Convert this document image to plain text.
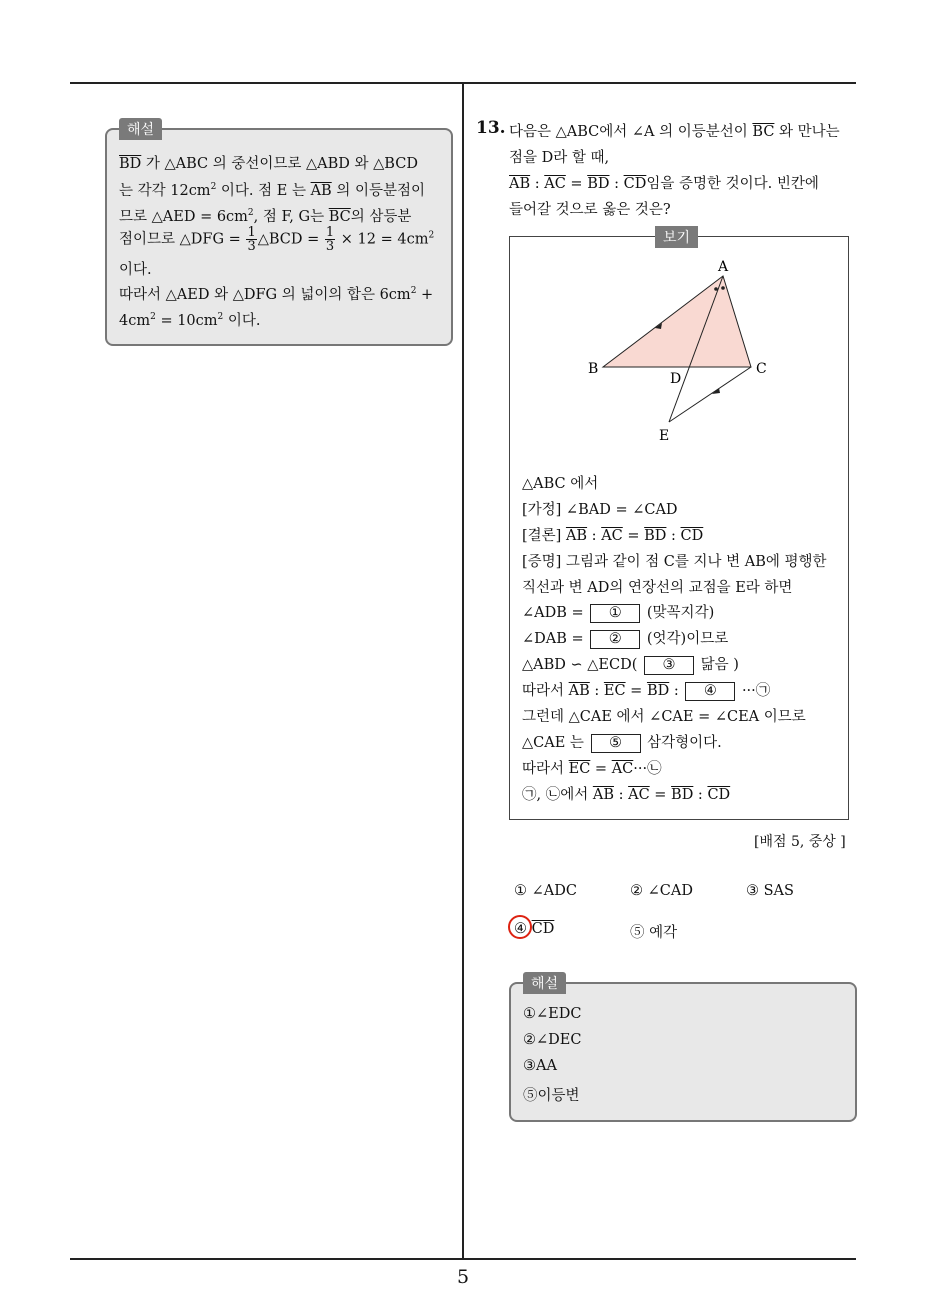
해설
$\overline{BD}$ 가 △ABC 의 중선이므로 △ABD 와 △BCD
는 각각 $12cm^2$ 이다. 점 E 는 $\overline{AB}$ 의 이등분점이
므로 △AED = $6cm^2$, 점 F, G는 $\overline{BC}$의 삼등분
점이므로 △DFG = $\frac{1}{3}$ △BCD = $\frac{1}{3} \times 12 = 4cm^2$
이다.
따라서 △AED 와 △DFG 의 넓이의 합은 $6cm^2$ +
$4cm^2 = 10cm^2$ 이다.
13. 다음은 △ABC에서 ∠A 의 이등분선이 $\overline{BC}$ 와 만나는
점을 D라 할 때,
$\overline{AB}$ : $\overline{AC} = \overline{BD}$ : $\overline{CD}$임을 증명한 것이다. 빈칸에
들어갈 것으로 옳은 것은?
보기
A
B	C
D
E
△ABC 에서
[가정] ∠BAD = ∠CAD
[결론] $\overline{AB}$ : $\overline{AC} = \overline{BD}$ : $\overline{CD}$
[증명] 그림과 같이 점 C를 지나 변 AB에 평행한
직선과 변 AD의 연장선의 교점을 E라 하면
∠ADB = ① (맞꼭지각)
∠DAB = ② (엇각)이므로
△ABD ∽ △ECD( ③ 닮음 )
따라서 $\overline{AB}$ : $\overline{EC} = \overline{BD}$ : ④ ···㉠
그런데 △CAE 에서 ∠CAE = ∠CEA 이므로
△CAE 는 ⑤ 삼각형이다.
따라서 $\overline{EC}$ = $\overline{AC}\cdot\cdot\cdot㉡$
㉠, ㉡에서 $\overline{AB}$ : $\overline{AC} = \overline{BD}$ : $\overline{CD}$
[배점 5, 중상 ]
① ∠ADC	② ∠CAD	③ SAS
④ $\overline{CD}$	⑤ 예각
해설
①∠EDC
②∠DEC
③AA
⑤이등변
5
